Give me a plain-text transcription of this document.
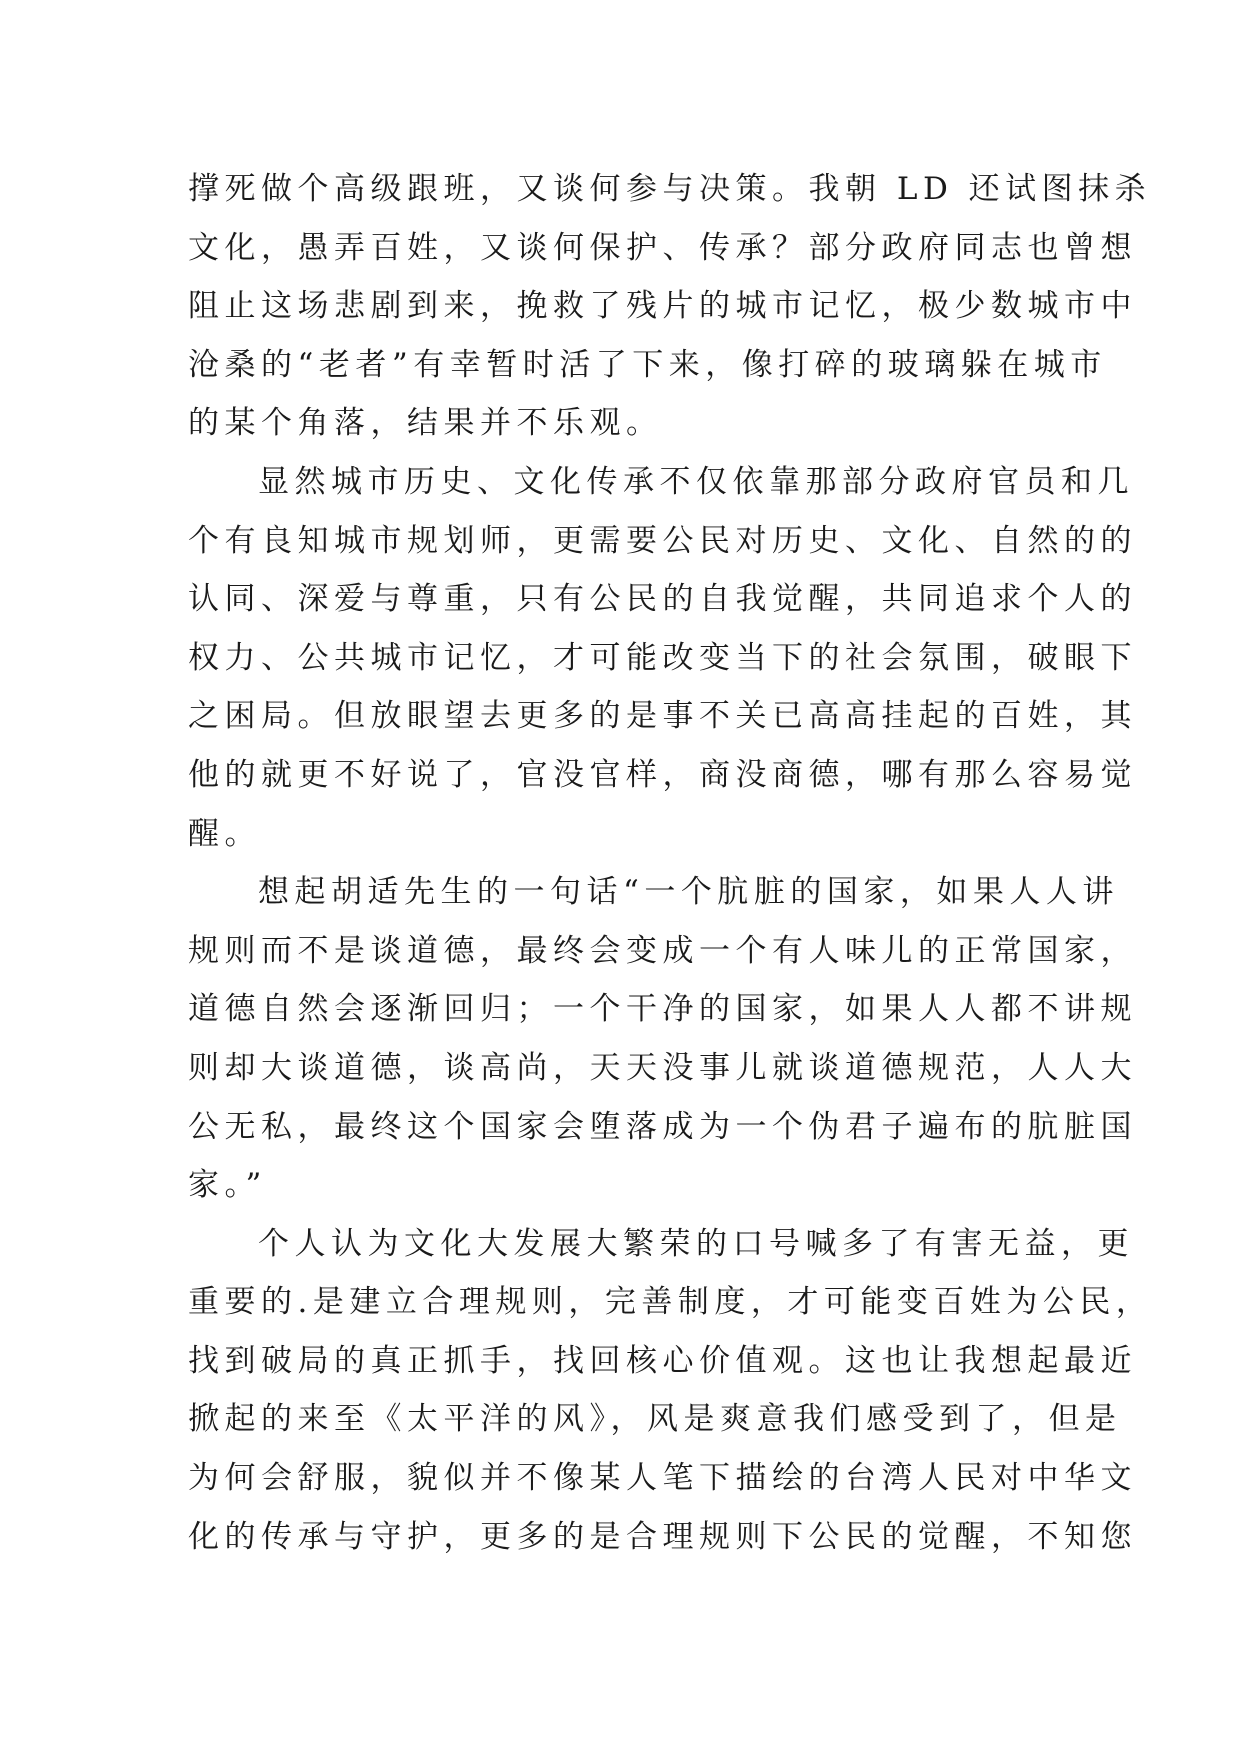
撑死做个高级跟班，又谈何参与决策。我朝 LD 还试图抹杀
文化，愚弄百姓，又谈何保护、传承？部分政府同志也曾想
阻止这场悲剧到来，挽救了残片的城市记忆，极少数城市中
沧桑的“老者”有幸暂时活了下来，像打碎的玻璃躲在城市
的某个角落，结果并不乐观。
显然城市历史、文化传承不仅依靠那部分政府官员和几
个有良知城市规划师，更需要公民对历史、文化、自然的的
认同、深爱与尊重，只有公民的自我觉醒，共同追求个人的
权力、公共城市记忆，才可能改变当下的社会氛围，破眼下
之困局。但放眼望去更多的是事不关已高高挂起的百姓，其
他的就更不好说了，官没官样，商没商德，哪有那么容易觉
醒。
想起胡适先生的一句话“一个肮脏的国家，如果人人讲
规则而不是谈道德，最终会变成一个有人味儿的正常国家，
道德自然会逐渐回归；一个干净的国家，如果人人都不讲规
则却大谈道德，谈高尚，天天没事儿就谈道德规范，人人大
公无私，最终这个国家会堕落成为一个伪君子遍布的肮脏国
家。”
个人认为文化大发展大繁荣的口号喊多了有害无益，更
重要的.是建立合理规则，完善制度，才可能变百姓为公民，
找到破局的真正抓手，找回核心价值观。这也让我想起最近
掀起的来至《太平洋的风》，风是爽意我们感受到了，但是
为何会舒服，貌似并不像某人笔下描绘的台湾人民对中华文
化的传承与守护，更多的是合理规则下公民的觉醒，不知您
